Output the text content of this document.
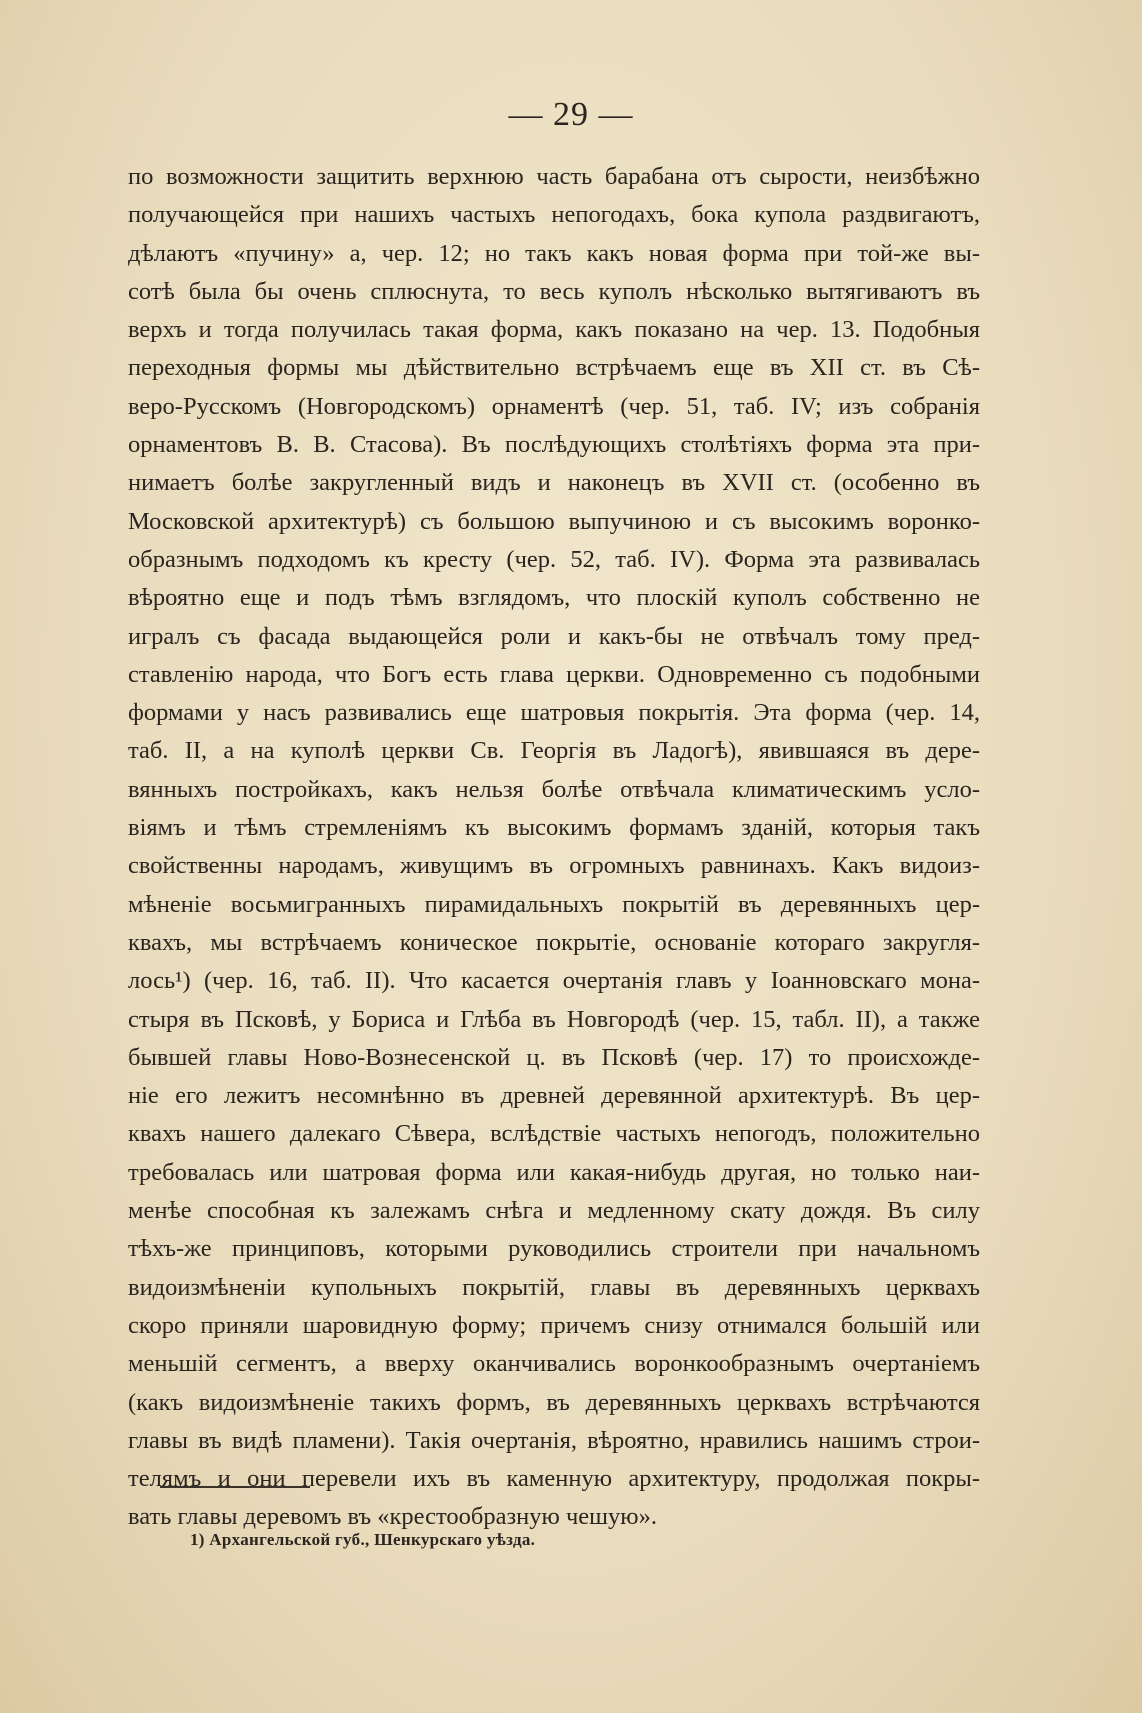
— 29 —
по возможности защитить верхнюю часть барабана отъ сырости, неизбѣжно
получающейся при нашихъ частыхъ непогодахъ, бока купола раздвигаютъ,
дѣлаютъ «пучину» а, чер. 12; но такъ какъ новая форма при той-же вы-
сотѣ была бы очень сплюснута, то весь куполъ нѣсколько вытягиваютъ въ
верхъ и тогда получилась такая форма, какъ показано на чер. 13. Подобныя
переходныя формы мы дѣйствительно встрѣчаемъ еще въ XII ст. въ Сѣ-
веро-Русскомъ (Новгородскомъ) орнаментѣ (чер. 51, таб. IV; изъ собранія
орнаментовъ В. В. Стасова). Въ послѣдующихъ столѣтіяхъ форма эта при-
нимаетъ болѣе закругленный видъ и наконецъ въ XVII ст. (особенно въ
Московской архитектурѣ) съ большою выпучиною и съ высокимъ воронко-
образнымъ подходомъ къ кресту (чер. 52, таб. IV). Форма эта развивалась
вѣроятно еще и подъ тѣмъ взглядомъ, что плоскій куполъ собственно не
игралъ съ фасада выдающейся роли и какъ-бы не отвѣчалъ тому пред-
ставленію народа, что Богъ есть глава церкви. Одновременно съ подобными
формами у насъ развивались еще шатровыя покрытія. Эта форма (чер. 14,
таб. II, а на куполѣ церкви Св. Георгія въ Ладогѣ), явившаяся въ дере-
вянныхъ постройкахъ, какъ нельзя болѣе отвѣчала климатическимъ усло-
віямъ и тѣмъ стремленіямъ къ высокимъ формамъ зданій, которыя такъ
свойственны народамъ, живущимъ въ огромныхъ равнинахъ. Какъ видоиз-
мѣненіе восьмигранныхъ пирамидальныхъ покрытій въ деревянныхъ цер-
квахъ, мы встрѣчаемъ коническое покрытіе, основаніе котораго закругля-
лось¹) (чер. 16, таб. II). Что касается очертанія главъ у Іоанновскаго мона-
стыря въ Псковѣ, у Бориса и Глѣба въ Новгородѣ (чер. 15, табл. II), а также
бывшей главы Ново-Вознесенской ц. въ Псковѣ (чер. 17) то происхожде-
ніе его лежитъ несомнѣнно въ древней деревянной архитектурѣ. Въ цер-
квахъ нашего далекаго Сѣвера, вслѣдствіе частыхъ непогодъ, положительно
требовалась или шатровая форма или какая-нибудь другая, но только наи-
менѣе способная къ залежамъ снѣга и медленному скату дождя. Въ силу
тѣхъ-же принциповъ, которыми руководились строители при начальномъ
видоизмѣненіи купольныхъ покрытій, главы въ деревянныхъ церквахъ
скоро приняли шаровидную форму; причемъ снизу отнимался большій или
меньшій сегментъ, а вверху оканчивались воронкообразнымъ очертаніемъ
(какъ видоизмѣненіе такихъ формъ, въ деревянныхъ церквахъ встрѣчаются
главы въ видѣ пламени). Такія очертанія, вѣроятно, нравились нашимъ строи-
телямъ и они перевели ихъ въ каменную архитектуру, продолжая покры-
вать главы деревомъ въ «крестообразную чешую».
1) Архангельской губ., Шенкурскаго уѣзда.
